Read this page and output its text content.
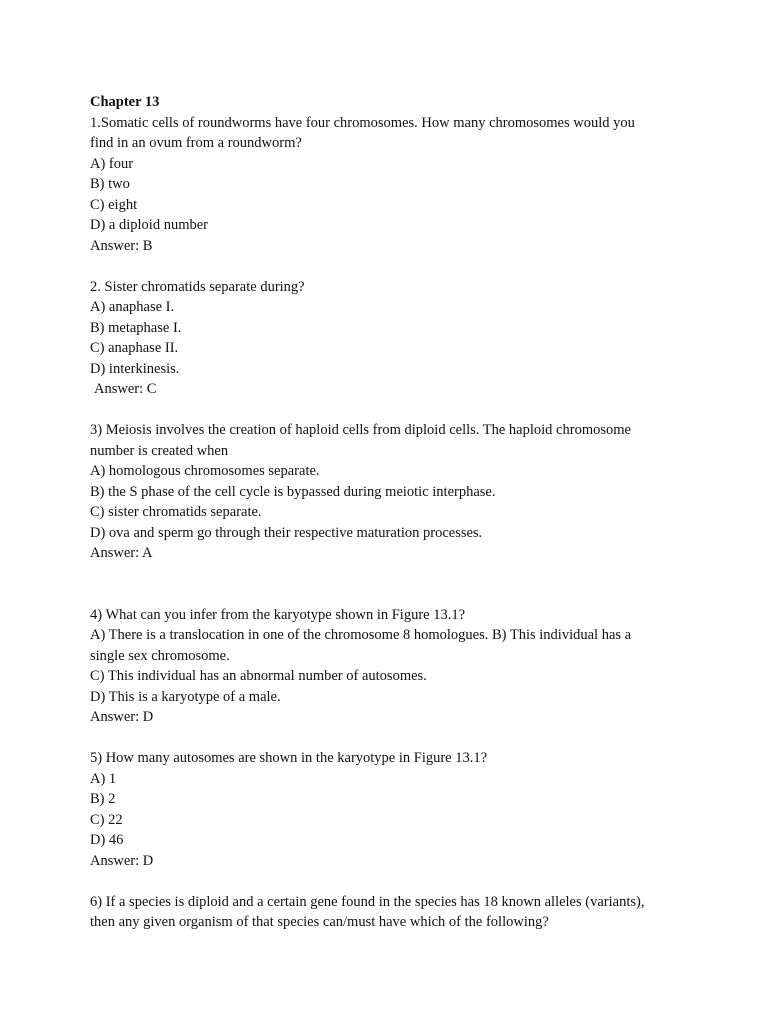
Chapter 13
1.Somatic cells of roundworms have four chromosomes. How many chromosomes would you
find in an ovum from a roundworm?
A) four
B) two
C) eight
D) a diploid number
Answer: B
2. Sister chromatids separate during?
A) anaphase I.
B) metaphase I.
C) anaphase II.
D) interkinesis.
Answer: C
3) Meiosis involves the creation of haploid cells from diploid cells. The haploid chromosome
number is created when
A) homologous chromosomes separate.
B) the S phase of the cell cycle is bypassed during meiotic interphase.
C) sister chromatids separate.
D) ova and sperm go through their respective maturation processes.
Answer: A
4) What can you infer from the karyotype shown in Figure 13.1?
A) There is a translocation in one of the chromosome 8 homologues. B) This individual has a
single sex chromosome.
C) This individual has an abnormal number of autosomes.
D) This is a karyotype of a male.
Answer: D
5) How many autosomes are shown in the karyotype in Figure 13.1?
A) 1
B) 2
C) 22
D) 46
Answer: D
6) If a species is diploid and a certain gene found in the species has 18 known alleles (variants),
then any given organism of that species can/must have which of the following?
